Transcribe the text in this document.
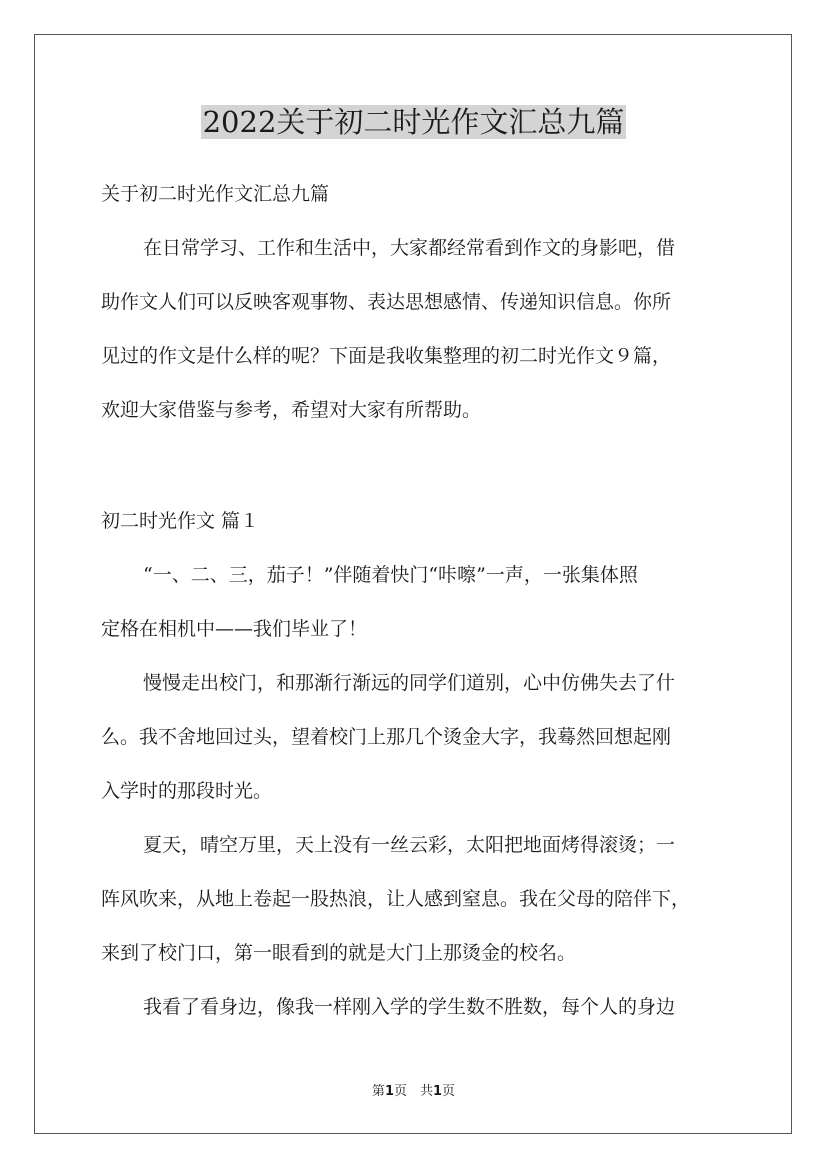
2022关于初二时光作文汇总九篇
关于初二时光作文汇总九篇
在日常学习、工作和生活中，大家都经常看到作文的身影吧，借
助作文人们可以反映客观事物、表达思想感情、传递知识信息。你所
见过的作文是什么样的呢？下面是我收集整理的初二时光作文９篇，
欢迎大家借鉴与参考，希望对大家有所帮助。
初二时光作文 篇１
“一、二、三，茄子！”伴随着快门“咔嚓”一声，一张集体照
定格在相机中——我们毕业了！
慢慢走出校门，和那渐行渐远的同学们道别，心中仿佛失去了什
么。我不舍地回过头，望着校门上那几个烫金大字，我蓦然回想起刚
入学时的那段时光。
夏天，晴空万里，天上没有一丝云彩，太阳把地面烤得滚烫；一
阵风吹来，从地上卷起一股热浪，让人感到窒息。我在父母的陪伴下，
来到了校门口，第一眼看到的就是大门上那烫金的校名。
我看了看身边，像我一样刚入学的学生数不胜数，每个人的身边
第1页　共1页
